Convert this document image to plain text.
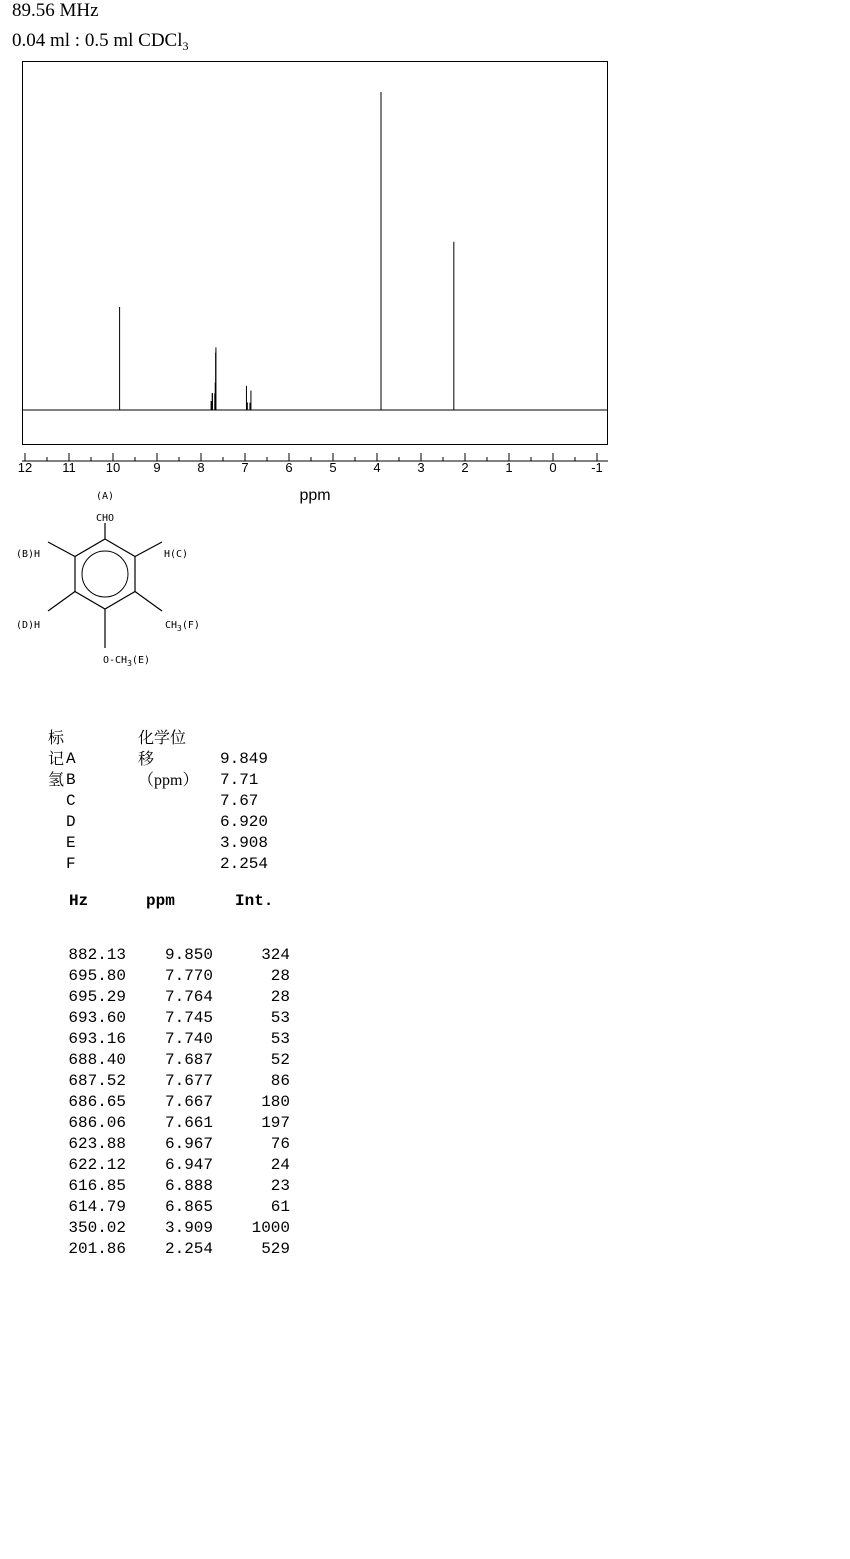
89.56 MHz
0.04 ml : 0.5 ml CDCl$_3$
12 11 10	9	8	7	6	5	4	3	2	1	0	-1
ppm
(A)
CHO
(B)H	H(C)
(D)H	$CH_3(F)$
$O-CH_3(E)$
标记氢
化学位移（ppm）
A	9.849
B	7.71
C	7.67
D	6.920
E	3.908
F	2.254
Hz	ppm	Int.
882.13	9.850	324
695.80	7.770	28
695.29	7.764	28
693.60	7.745	53
693.16	7.740	53
688.40	7.687	52
687.52	7.677	86
686.65	7.667	180
686.06	7.661	197
623.88	6.967	76
622.12	6.947	24
616.85	6.888	23
614.79	6.865	61
350.02	3.909	1000
201.86	2.254	529
